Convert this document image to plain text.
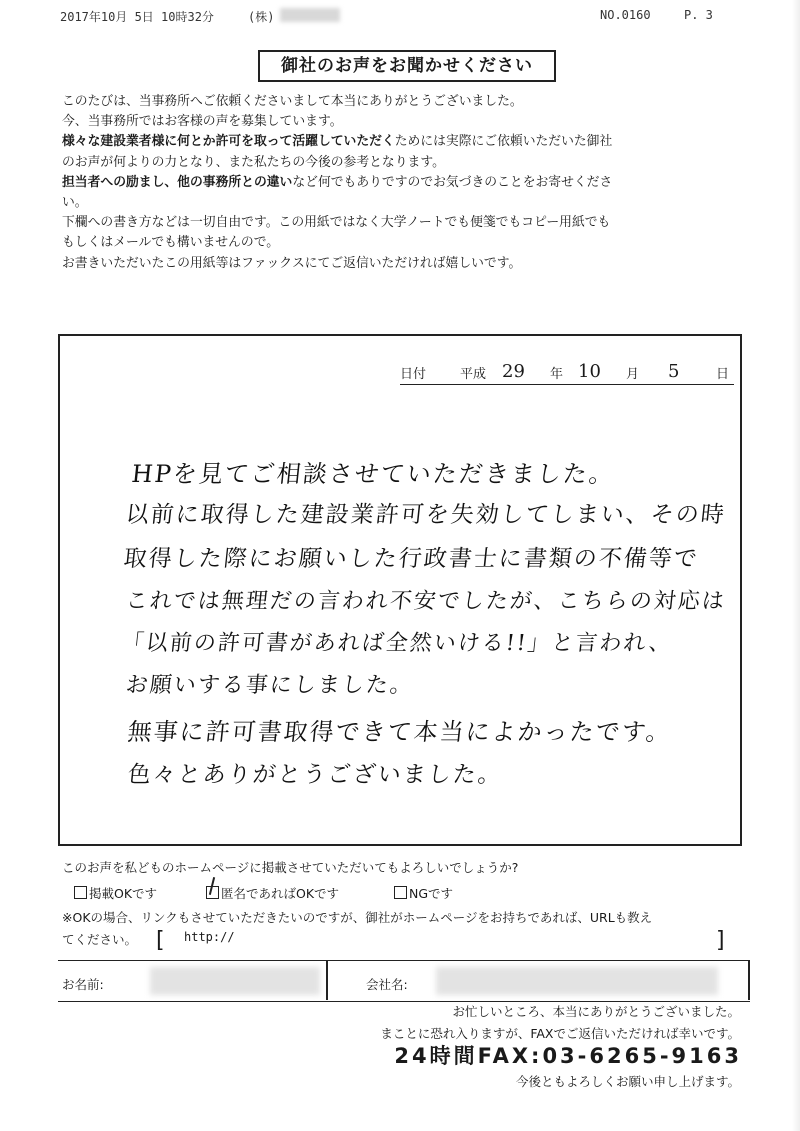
2017年10月 5日 10時32分	(株)	NO.0160	P. 3
御社のお声をお聞かせください

このたびは、当事務所へご依頼くださいまして本当にありがとうございました。

今、当事務所ではお客様の声を募集しています。

様々な建設業者様に何とか許可を取って活躍していただくためには実際にご依頼いただいた御社

のお声が何よりの力となり、また私たちの今後の参考となります。

担当者への励まし、他の事務所との違いなど何でもありですのでお気づきのことをお寄せくださ

い。

下欄への書き方などは一切自由です。この用紙ではなく大学ノートでも便箋でもコピー用紙でも

もしくはメールでも構いませんので。

お書きいただいたこの用紙等はファックスにてご返信いただければ嬉しいです。

日付	平成 29 年 10 月 5	日
HPを見てご相談させていただきました。
以前に取得した建設業許可を失効してしまい、その時
取得した際にお願いした行政書士に書類の不備等で
これでは無理だの言われ不安でしたが、こちらの対応は
「以前の許可書があれば全然いける!!」と言われ、
お願いする事にしました。
無事に許可書取得できて本当によかったです。
色々とありがとうございました。
このお声を私どものホームページに掲載させていただいてもよろしいでしょうか?
掲載OKです	匿名であればOKです	NGです
※OKの場合、リンクもさせていただきたいのですが、御社がホームページをお持ちであれば、URLも教え
てください。 [ http://	]
お名前:	会社名:
お忙しいところ、本当にありがとうございました。
まことに恐れ入りますが、FAXでご返信いただければ幸いです。
24時間FAX:03-6265-9163
今後ともよろしくお願い申し上げます。
